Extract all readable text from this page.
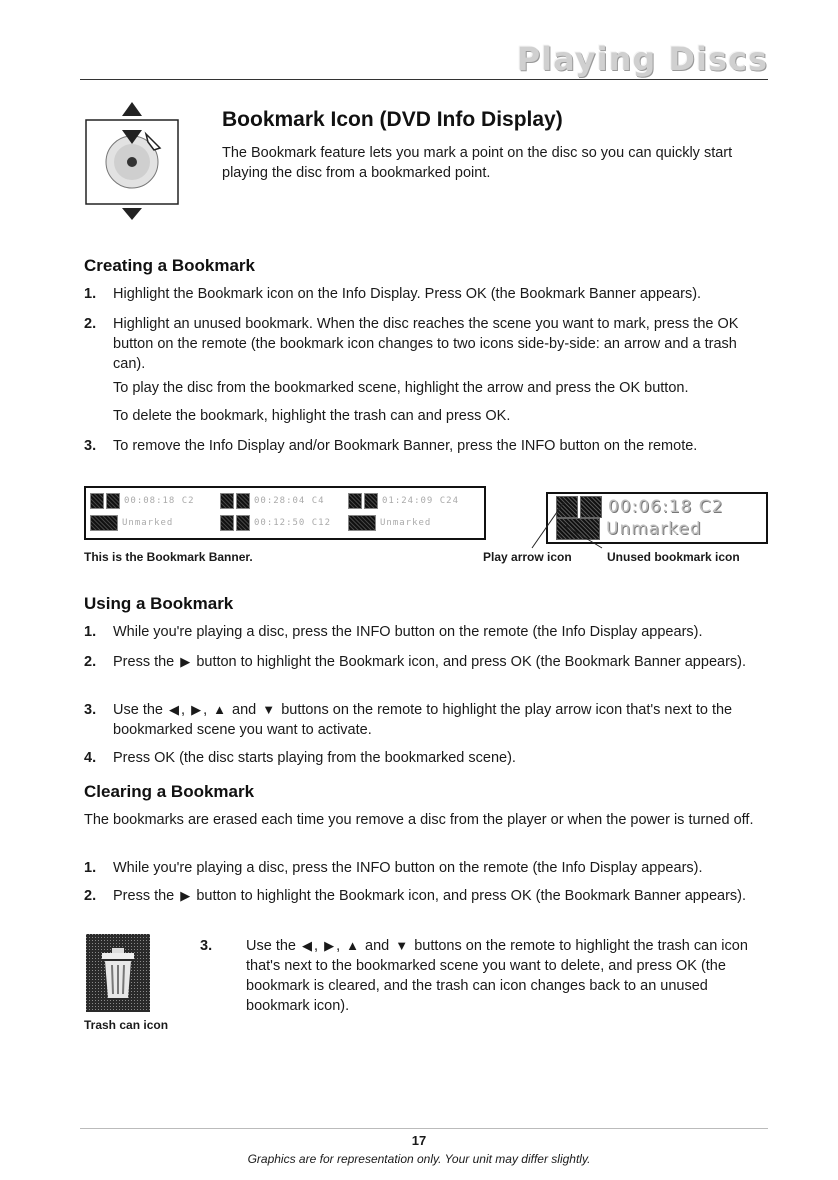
Playing Discs
Bookmark Icon (DVD Info Display)
The Bookmark feature lets you mark a point on the disc so you can quickly start playing the disc from a bookmarked point.
Creating a Bookmark
1. Highlight the Bookmark icon on the Info Display. Press OK (the Bookmark Banner appears).
2. Highlight an unused bookmark. When the disc reaches the scene you want to mark, press the OK button on the remote (the bookmark icon changes to two icons side-by-side: an arrow and a trash can).
To play the disc from the bookmarked scene, highlight the arrow and press the OK button.
To delete the bookmark, highlight the trash can and press OK.
3. To remove the Info Display and/or Bookmark Banner, press the INFO button on the remote.
00:08:18 C2	00:28:04 C4	01:24:09 C24
Unmarked	00:12:50 C12	Unmarked
00:06:18 C2
Unmarked
This is the Bookmark Banner.	Play arrow icon	Unused bookmark icon
Using a Bookmark
1. While you're playing a disc, press the INFO button on the remote (the Info Display appears).
2. Press the ▶ button to highlight the Bookmark icon, and press OK (the Bookmark Banner appears).
3. Use the ◀ , ▶ , ▲ and ▼ buttons on the remote to highlight the play arrow icon that's next to the bookmarked scene you want to activate.
4. Press OK (the disc starts playing from the bookmarked scene).
Clearing a Bookmark
The bookmarks are erased each time you remove a disc from the player or when the power is turned off.
1. While you're playing a disc, press the INFO button on the remote (the Info Display appears).
2. Press the ▶ button to highlight the Bookmark icon, and press OK (the Bookmark Banner appears).
3. Use the ◀ , ▶ , ▲ and ▼ buttons on the remote to highlight the trash can icon that's next to the bookmarked scene you want to delete, and press OK (the bookmark is cleared, and the trash can icon changes back to an unused bookmark icon).
Trash can icon
17
Graphics are for representation only. Your unit may differ slightly.
